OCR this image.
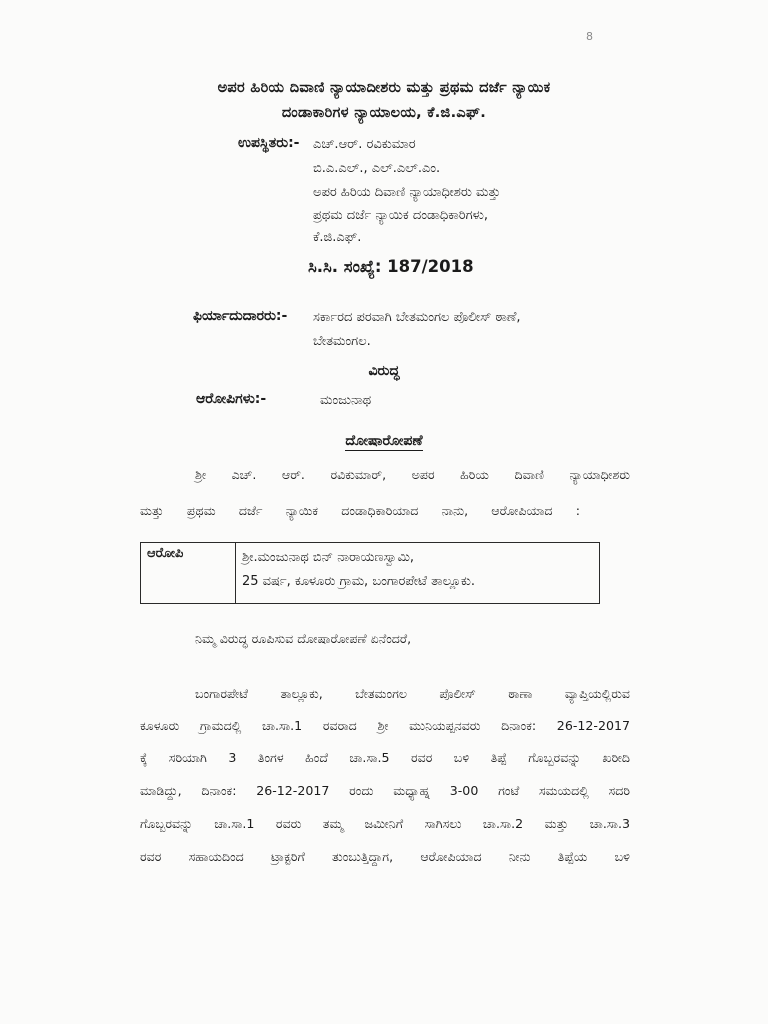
8
ಅಪರ ಹಿರಿಯ ದಿವಾಣಿ ನ್ಯಾಯಾದೀಶರು ಮತ್ತು ಪ್ರಥಮ ದರ್ಜೆ ನ್ಯಾಯಿಕ
ದಂಡಾಕಾರಿಗಳ ನ್ಯಾಯಾಲಯ, ಕೆ.ಜಿ.ಎಫ್.
ಉಪಸ್ಥಿತರು:- ಎಚ್.ಆರ್. ರವಿಕುಮಾರ
ಬಿ.ಎ.ಎಲ್., ಎಲ್.ಎಲ್.ಎಂ.
ಅಪರ ಹಿರಿಯ ದಿವಾಣಿ ನ್ಯಾಯಾಧೀಶರು ಮತ್ತು
ಪ್ರಥಮ ದರ್ಜೆ ನ್ಯಾಯಿಕ ದಂಡಾಧಿಕಾರಿಗಳು,
ಕೆ.ಜಿ.ಎಫ್.
ಸಿ.ಸಿ. ಸಂಖ್ಯೆ: 187/2018
ಫಿರ್ಯಾದುದಾರರು:- ಸರ್ಕಾರದ ಪರವಾಗಿ ಬೇತಮಂಗಲ ಪೊಲೀಸ್ ಠಾಣೆ,
ಬೇತಮಂಗಲ.
ವಿರುದ್ಧ
ಆರೋಪಿಗಳು:-	ಮಂಜುನಾಥ
ದೋಷಾರೋಪಣೆ
ಶ್ರೀ ಎಚ್. ಆರ್. ರವಿಕುಮಾರ್, ಅಪರ ಹಿರಿಯ ದಿವಾಣಿ ನ್ಯಾಯಾಧೀಶರು
ಮತ್ತು ಪ್ರಥಮ ದರ್ಜೆ ನ್ಯಾಯಿಕ ದಂಡಾಧಿಕಾರಿಯಾದ ನಾನು, ಆರೋಪಿಯಾದ :
ಆರೋಪಿ	ಶ್ರೀ.ಮಂಜುನಾಥ ಬಿನ್ ನಾರಾಯಣಸ್ವಾಮಿ,
25 ವರ್ಷ, ಕೂಳೂರು ಗ್ರಾಮ, ಬಂಗಾರಪೇಟೆ ತಾಲ್ಲೂಕು.
ನಿಮ್ಮ ವಿರುದ್ಧ ರೂಪಿಸುವ ದೋಷಾರೋಪಣೆ ಏನೆಂದರೆ,
ಬಂಗಾರಪೇಟೆ ತಾಲ್ಲೂಕು, ಬೇತಮಂಗಲ ಪೊಲೀಸ್ ಠಾಣಾ ವ್ಯಾಪ್ತಿಯಲ್ಲಿರುವ
ಕೂಳೂರು ಗ್ರಾಮದಲ್ಲಿ ಚಾ.ಸಾ.1 ರವರಾದ ಶ್ರೀ ಮುನಿಯಪ್ಪನವರು ದಿನಾಂಕ: 26-12-2017
ಕ್ಕೆ ಸರಿಯಾಗಿ 3 ತಿಂಗಳ ಹಿಂದೆ ಚಾ.ಸಾ.5 ರವರ ಬಳಿ ತಿಪ್ಪೆ ಗೊಬ್ಬರವನ್ನು ಖರೀದಿ
ಮಾಡಿದ್ದು, ದಿನಾಂಕ: 26-12-2017 ರಂದು ಮಧ್ಯಾಹ್ನ 3-00 ಗಂಟೆ ಸಮಯದಲ್ಲಿ ಸದರಿ
ಗೊಬ್ಬರವನ್ನು ಚಾ.ಸಾ.1 ರವರು ತಮ್ಮ ಜಮೀನಿಗೆ ಸಾಗಿಸಲು ಚಾ.ಸಾ.2 ಮತ್ತು ಚಾ.ಸಾ.3
ರವರ ಸಹಾಯದಿಂದ ಟ್ರಾಕ್ಟರಿಗೆ ತುಂಬುತ್ತಿದ್ದಾಗ, ಆರೋಪಿಯಾದ ನೀನು ತಿಪ್ಪೆಯ ಬಳಿ
